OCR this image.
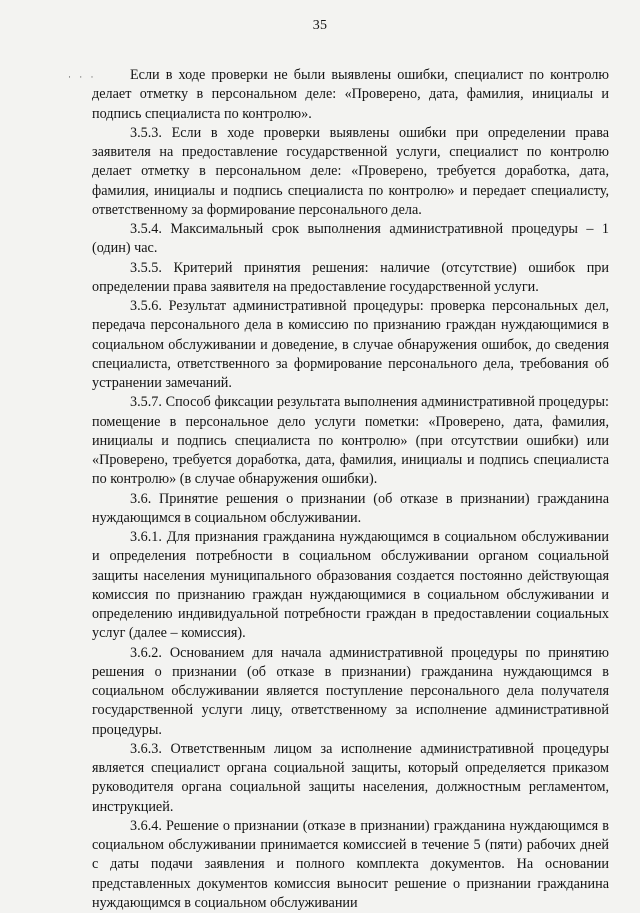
35
· · ·	Если в ходе проверки не были выявлены ошибки, специалист по контролю делает отметку в персональном деле: «Проверено, дата, фамилия, инициалы и подпись специалиста по контролю».

3.5.3. Если в ходе проверки выявлены ошибки при определении права заявителя на предоставление государственной услуги, специалист по контролю делает отметку в персональном деле: «Проверено, требуется доработка, дата, фамилия, инициалы и подпись специалиста по контролю» и передает специалисту, ответственному за формирование персонального дела.

3.5.4. Максимальный срок выполнения административной процедуры – 1 (один) час.

3.5.5. Критерий принятия решения: наличие (отсутствие) ошибок при определении права заявителя на предоставление государственной услуги.

3.5.6. Результат административной процедуры: проверка персональных дел, передача персонального дела в комиссию по признанию граждан нуждающимися в социальном обслуживании и доведение, в случае обнаружения ошибок, до сведения специалиста, ответственного за формирование персонального дела, требования об устранении замечаний.

3.5.7. Способ фиксации результата выполнения административной процедуры: помещение в персональное дело услуги пометки: «Проверено, дата, фамилия, инициалы и подпись специалиста по контролю» (при отсутствии ошибки) или «Проверено, требуется доработка, дата, фамилия, инициалы и подпись специалиста по контролю» (в случае обнаружения ошибки).

3.6. Принятие решения о признании (об отказе в признании) гражданина нуждающимся в социальном обслуживании.

3.6.1. Для признания гражданина нуждающимся в социальном обслуживании и определения потребности в социальном обслуживании органом социальной защиты населения муниципального образования создается постоянно действующая комиссия по признанию граждан нуждающимися в социальном обслуживании и определению индивидуальной потребности граждан в предоставлении социальных услуг (далее – комиссия).

3.6.2. Основанием для начала административной процедуры по принятию решения о признании (об отказе в признании) гражданина нуждающимся в социальном обслуживании является поступление персонального дела получателя государственной услуги лицу, ответственному за исполнение административной процедуры.

3.6.3. Ответственным лицом за исполнение административной процедуры является специалист органа социальной защиты, который определяется приказом руководителя органа социальной защиты населения, должностным регламентом, инструкцией.

3.6.4. Решение о признании (отказе в признании) гражданина нуждающимся в социальном обслуживании принимается комиссией в течение 5 (пяти) рабочих дней с даты подачи заявления и полного комплекта документов. На основании представленных документов комиссия выносит решение о признании гражданина нуждающимся в социальном обслуживании
